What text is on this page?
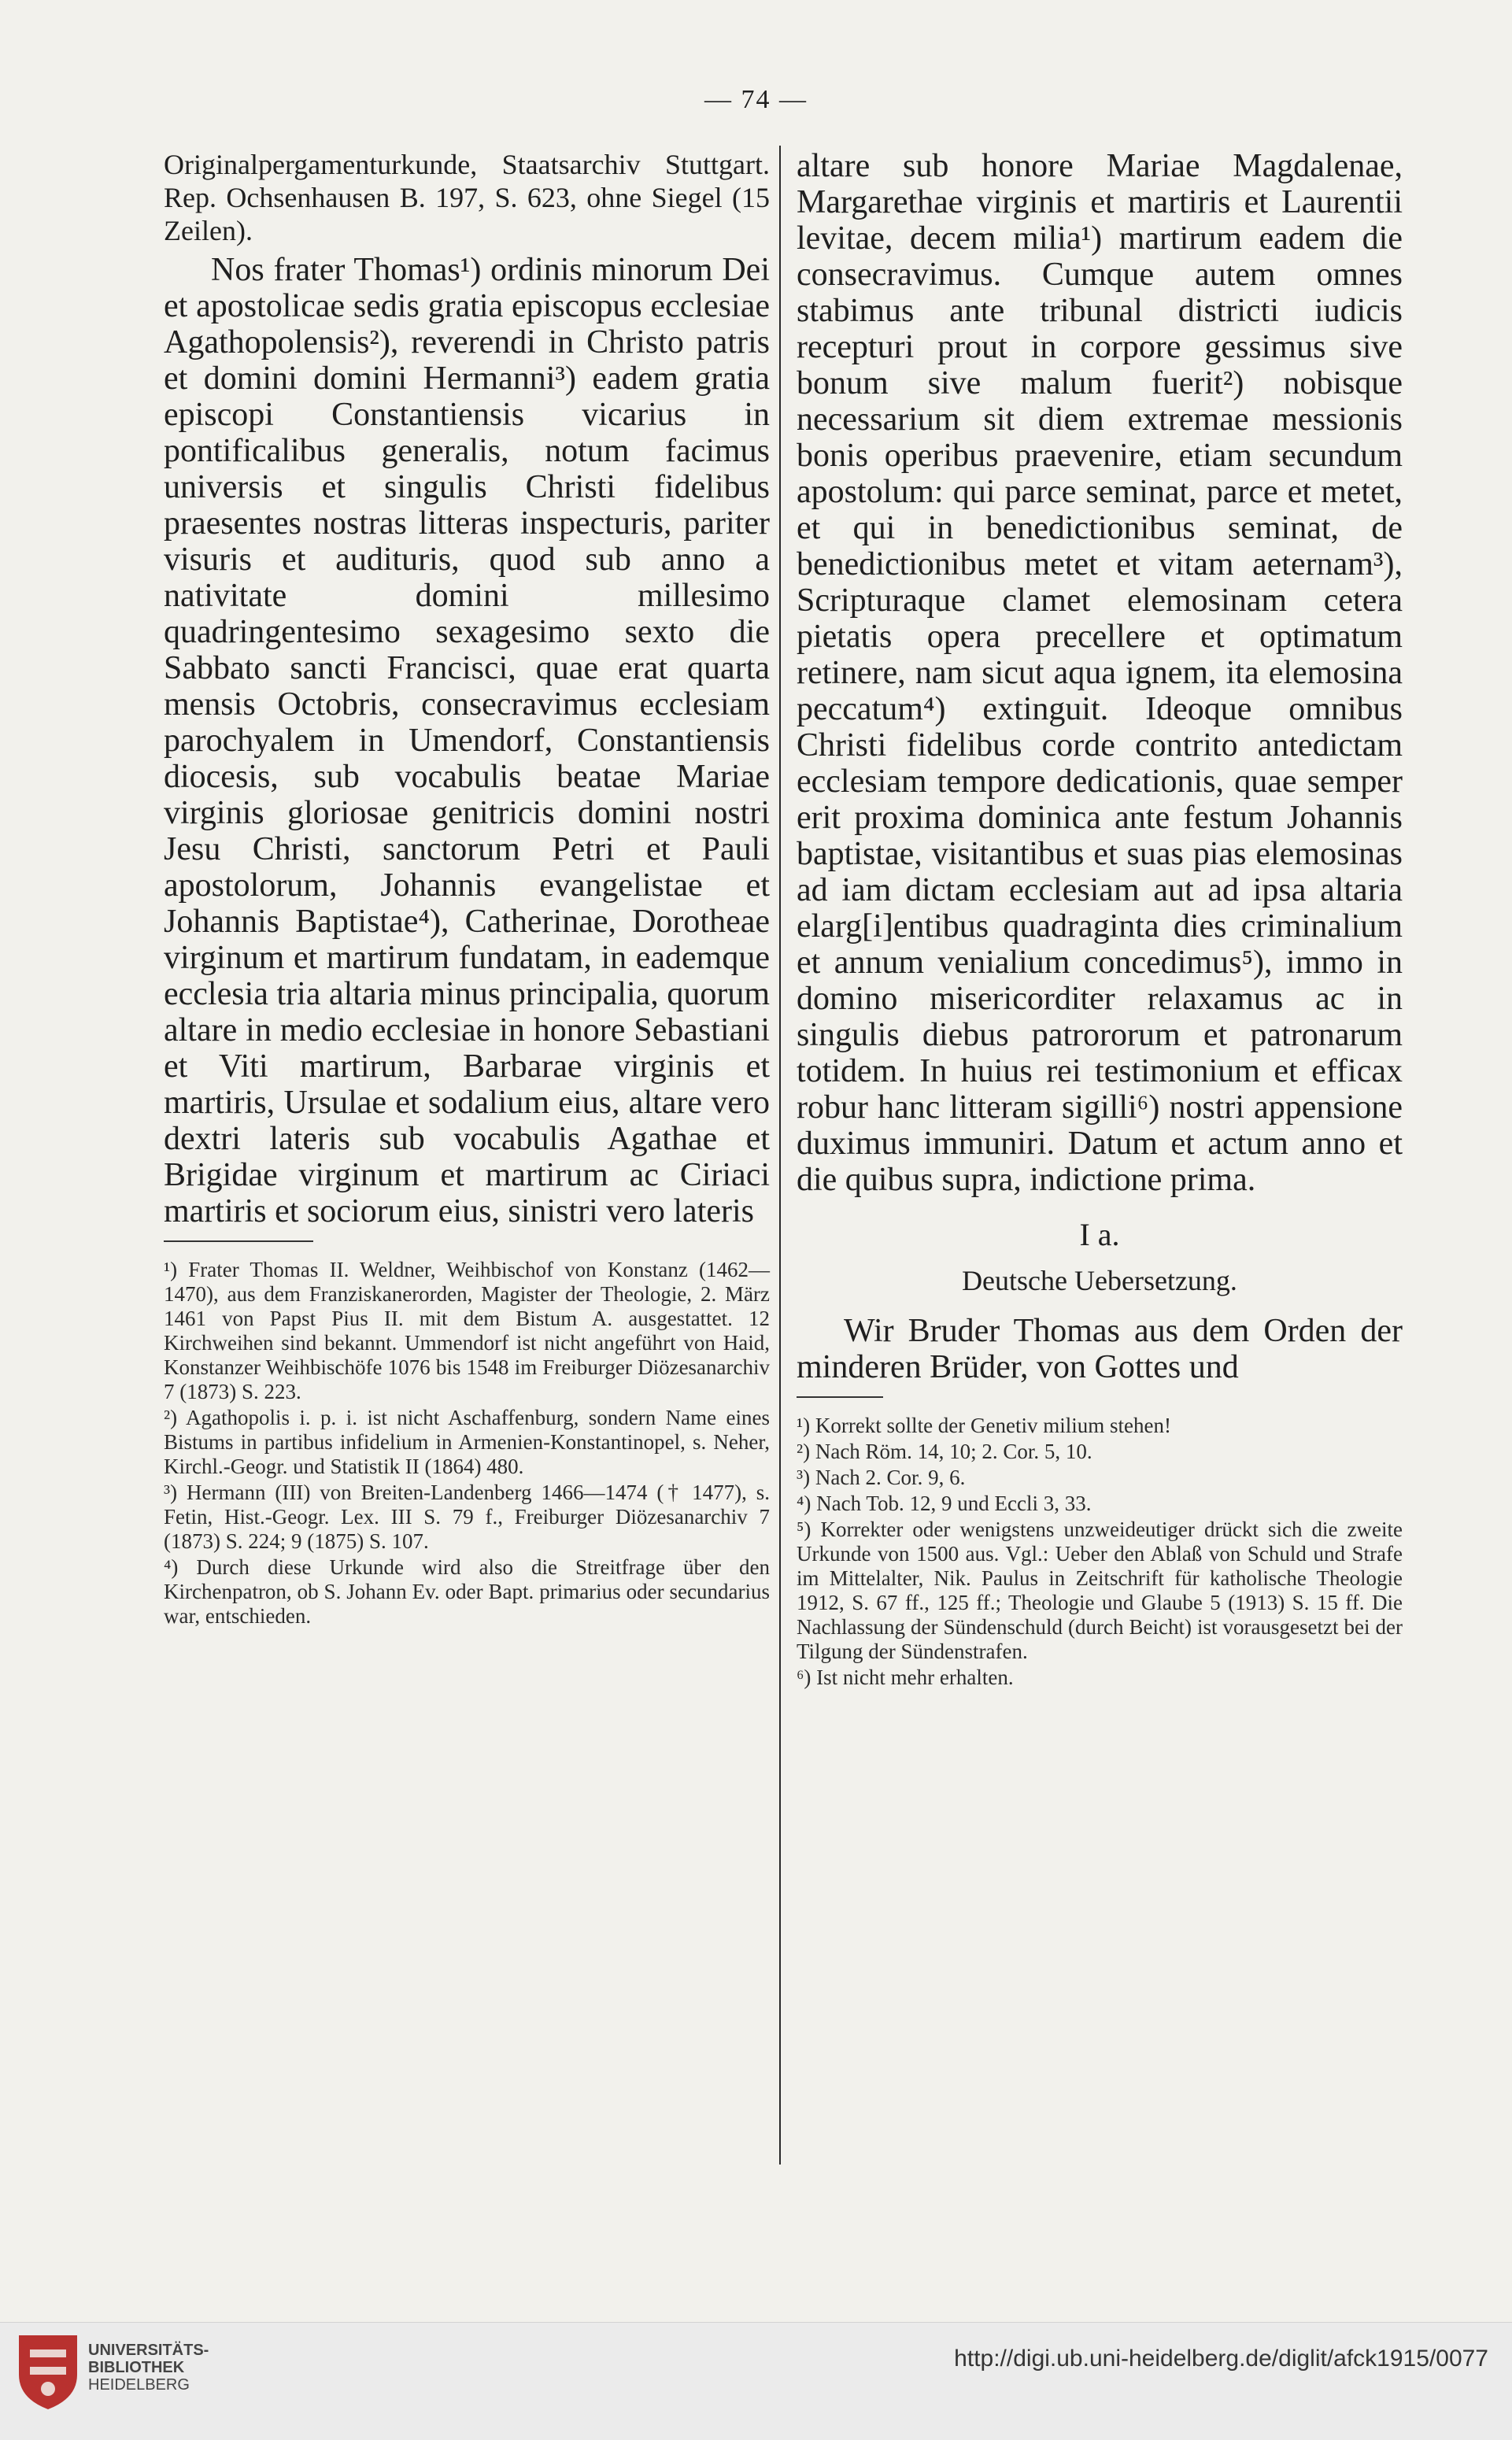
— 74 —

Originalpergamenturkunde, Staatsarchiv Stuttgart. Rep. Ochsenhausen B. 197, S. 623, ohne Siegel (15 Zeilen).

Nos frater Thomas¹) ordinis minorum Dei et apostolicae sedis gratia episcopus ecclesiae Agathopolensis²), reverendi in Christo patris et domini domini Hermanni³) eadem gratia episcopi Constantiensis vicarius in pontificalibus generalis, notum facimus universis et singulis Christi fidelibus praesentes nostras litteras inspecturis, pariter visuris et audituris, quod sub anno a nativitate domini millesimo quadringentesimo sexagesimo sexto die Sabbato sancti Francisci, quae erat quarta mensis Octobris, consecravimus ecclesiam parochyalem in Umendorf, Constantiensis diocesis, sub vocabulis beatae Mariae virginis gloriosae genitricis domini nostri Jesu Christi, sanctorum Petri et Pauli apostolorum, Johannis evangelistae et Johannis Baptistae⁴), Catherinae, Dorotheae virginum et martirum fundatam, in eademque ecclesia tria altaria minus principalia, quorum altare in medio ecclesiae in honore Sebastiani et Viti martirum, Barbarae virginis et martiris, Ursulae et sodalium eius, altare vero dextri lateris sub vocabulis Agathae et Brigidae virginum et martirum ac Ciriaci martiris et sociorum eius, sinistri vero lateris

¹) Frater Thomas II. Weldner, Weihbischof von Konstanz (1462—1470), aus dem Franziskanerorden, Magister der Theologie, 2. März 1461 von Papst Pius II. mit dem Bistum A. ausgestattet. 12 Kirchweihen sind bekannt. Ummendorf ist nicht angeführt von Haid, Konstanzer Weihbischöfe 1076 bis 1548 im Freiburger Diözesanarchiv 7 (1873) S. 223.

²) Agathopolis i. p. i. ist nicht Aschaffenburg, sondern Name eines Bistums in partibus infidelium in Armenien-Konstantinopel, s. Neher, Kirchl.-Geogr. und Statistik II (1864) 480.

³) Hermann (III) von Breiten-Landenberg 1466—1474 († 1477), s. Fetin, Hist.-Geogr. Lex. III S. 79 f., Freiburger Diözesanarchiv 7 (1873) S. 224; 9 (1875) S. 107.

⁴) Durch diese Urkunde wird also die Streitfrage über den Kirchenpatron, ob S. Johann Ev. oder Bapt. primarius oder secundarius war, entschieden.

altare sub honore Mariae Magdalenae, Margarethae virginis et martiris et Laurentii levitae, decem milia¹) martirum eadem die consecravimus. Cumque autem omnes stabimus ante tribunal districti iudicis recepturi prout in corpore gessimus sive bonum sive malum fuerit²) nobisque necessarium sit diem extremae messionis bonis operibus praevenire, etiam secundum apostolum: qui parce seminat, parce et metet, et qui in benedictionibus seminat, de benedictionibus metet et vitam aeternam³), Scripturaque clamet elemosinam cetera pietatis opera precellere et optimatum retinere, nam sicut aqua ignem, ita elemosina peccatum⁴) extinguit. Ideoque omnibus Christi fidelibus corde contrito antedictam ecclesiam tempore dedicationis, quae semper erit proxima dominica ante festum Johannis baptistae, visitantibus et suas pias elemosinas ad iam dictam ecclesiam aut ad ipsa altaria elarg[i]entibus quadraginta dies criminalium et annum venialium concedimus⁵), immo in domino misericorditer relaxamus ac in singulis diebus patrororum et patronarum totidem. In huius rei testimonium et efficax robur hanc litteram sigilli⁶) nostri appensione duximus immuniri. Datum et actum anno et die quibus supra, indictione prima.

I a.
Deutsche Uebersetzung.

Wir Bruder Thomas aus dem Orden der minderen Brüder, von Gottes und

¹) Korrekt sollte der Genetiv milium stehen!

²) Nach Röm. 14, 10; 2. Cor. 5, 10.

³) Nach 2. Cor. 9, 6.

⁴) Nach Tob. 12, 9 und Eccli 3, 33.

⁵) Korrekter oder wenigstens unzweideutiger drückt sich die zweite Urkunde von 1500 aus. Vgl.: Ueber den Ablaß von Schuld und Strafe im Mittelalter, Nik. Paulus in Zeitschrift für katholische Theologie 1912, S. 67 ff., 125 ff.; Theologie und Glaube 5 (1913) S. 15 ff. Die Nachlassung der Sündenschuld (durch Beicht) ist vorausgesetzt bei der Tilgung der Sündenstrafen.

⁶) Ist nicht mehr erhalten.

UNIVERSITÄTS-
BIBLIOTHEK
HEIDELBERG
http://digi.ub.uni-heidelberg.de/diglit/afck1915/0077
